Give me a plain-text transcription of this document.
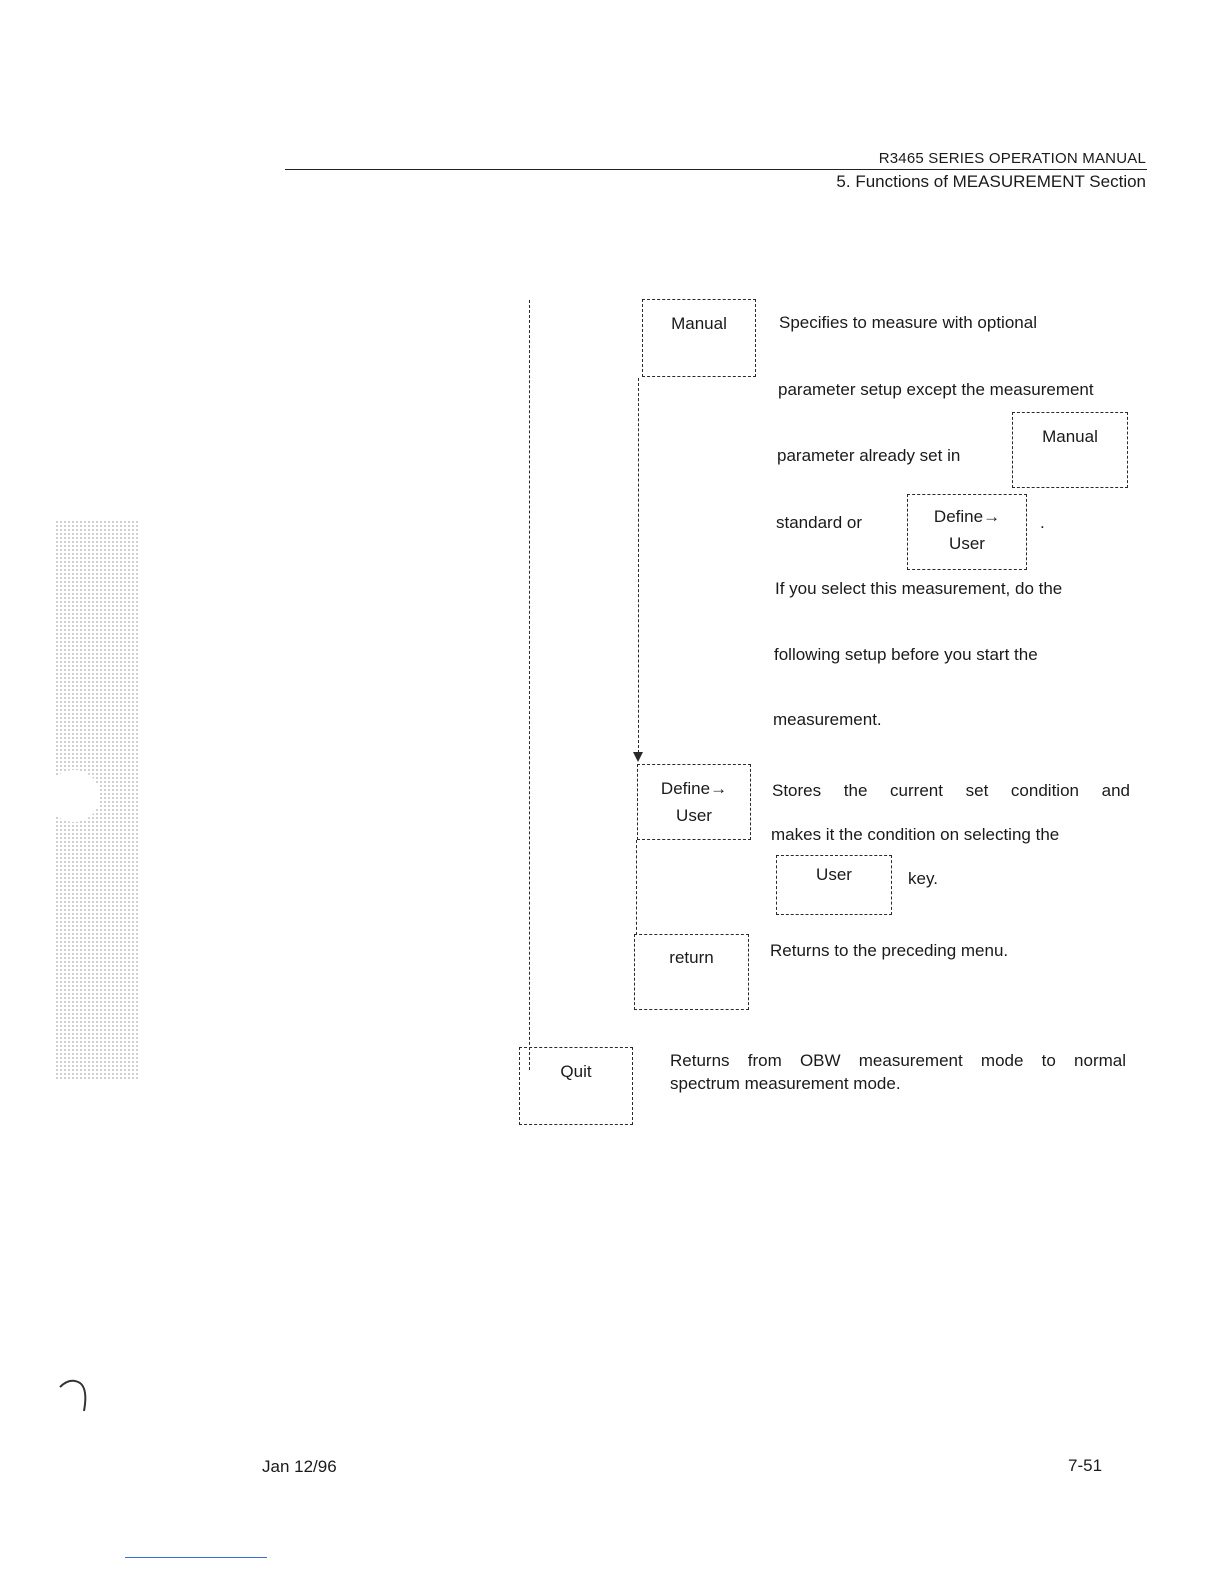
R3465 SERIES OPERATION MANUAL
5. Functions of MEASUREMENT Section
Manual	Specifies to measure with optional
parameter setup except the measurement
parameter already set in
Manual
standard or	Define→
User
.
If you select this measurement, do the
following setup before you start the
measurement.
Define→
User
Stores the current set condition and
makes it the condition on selecting the
User	key.
return	Returns to the preceding menu.
Quit
Returns from OBW measurement mode to normal
spectrum measurement mode.
Jan 12/96	7-51
